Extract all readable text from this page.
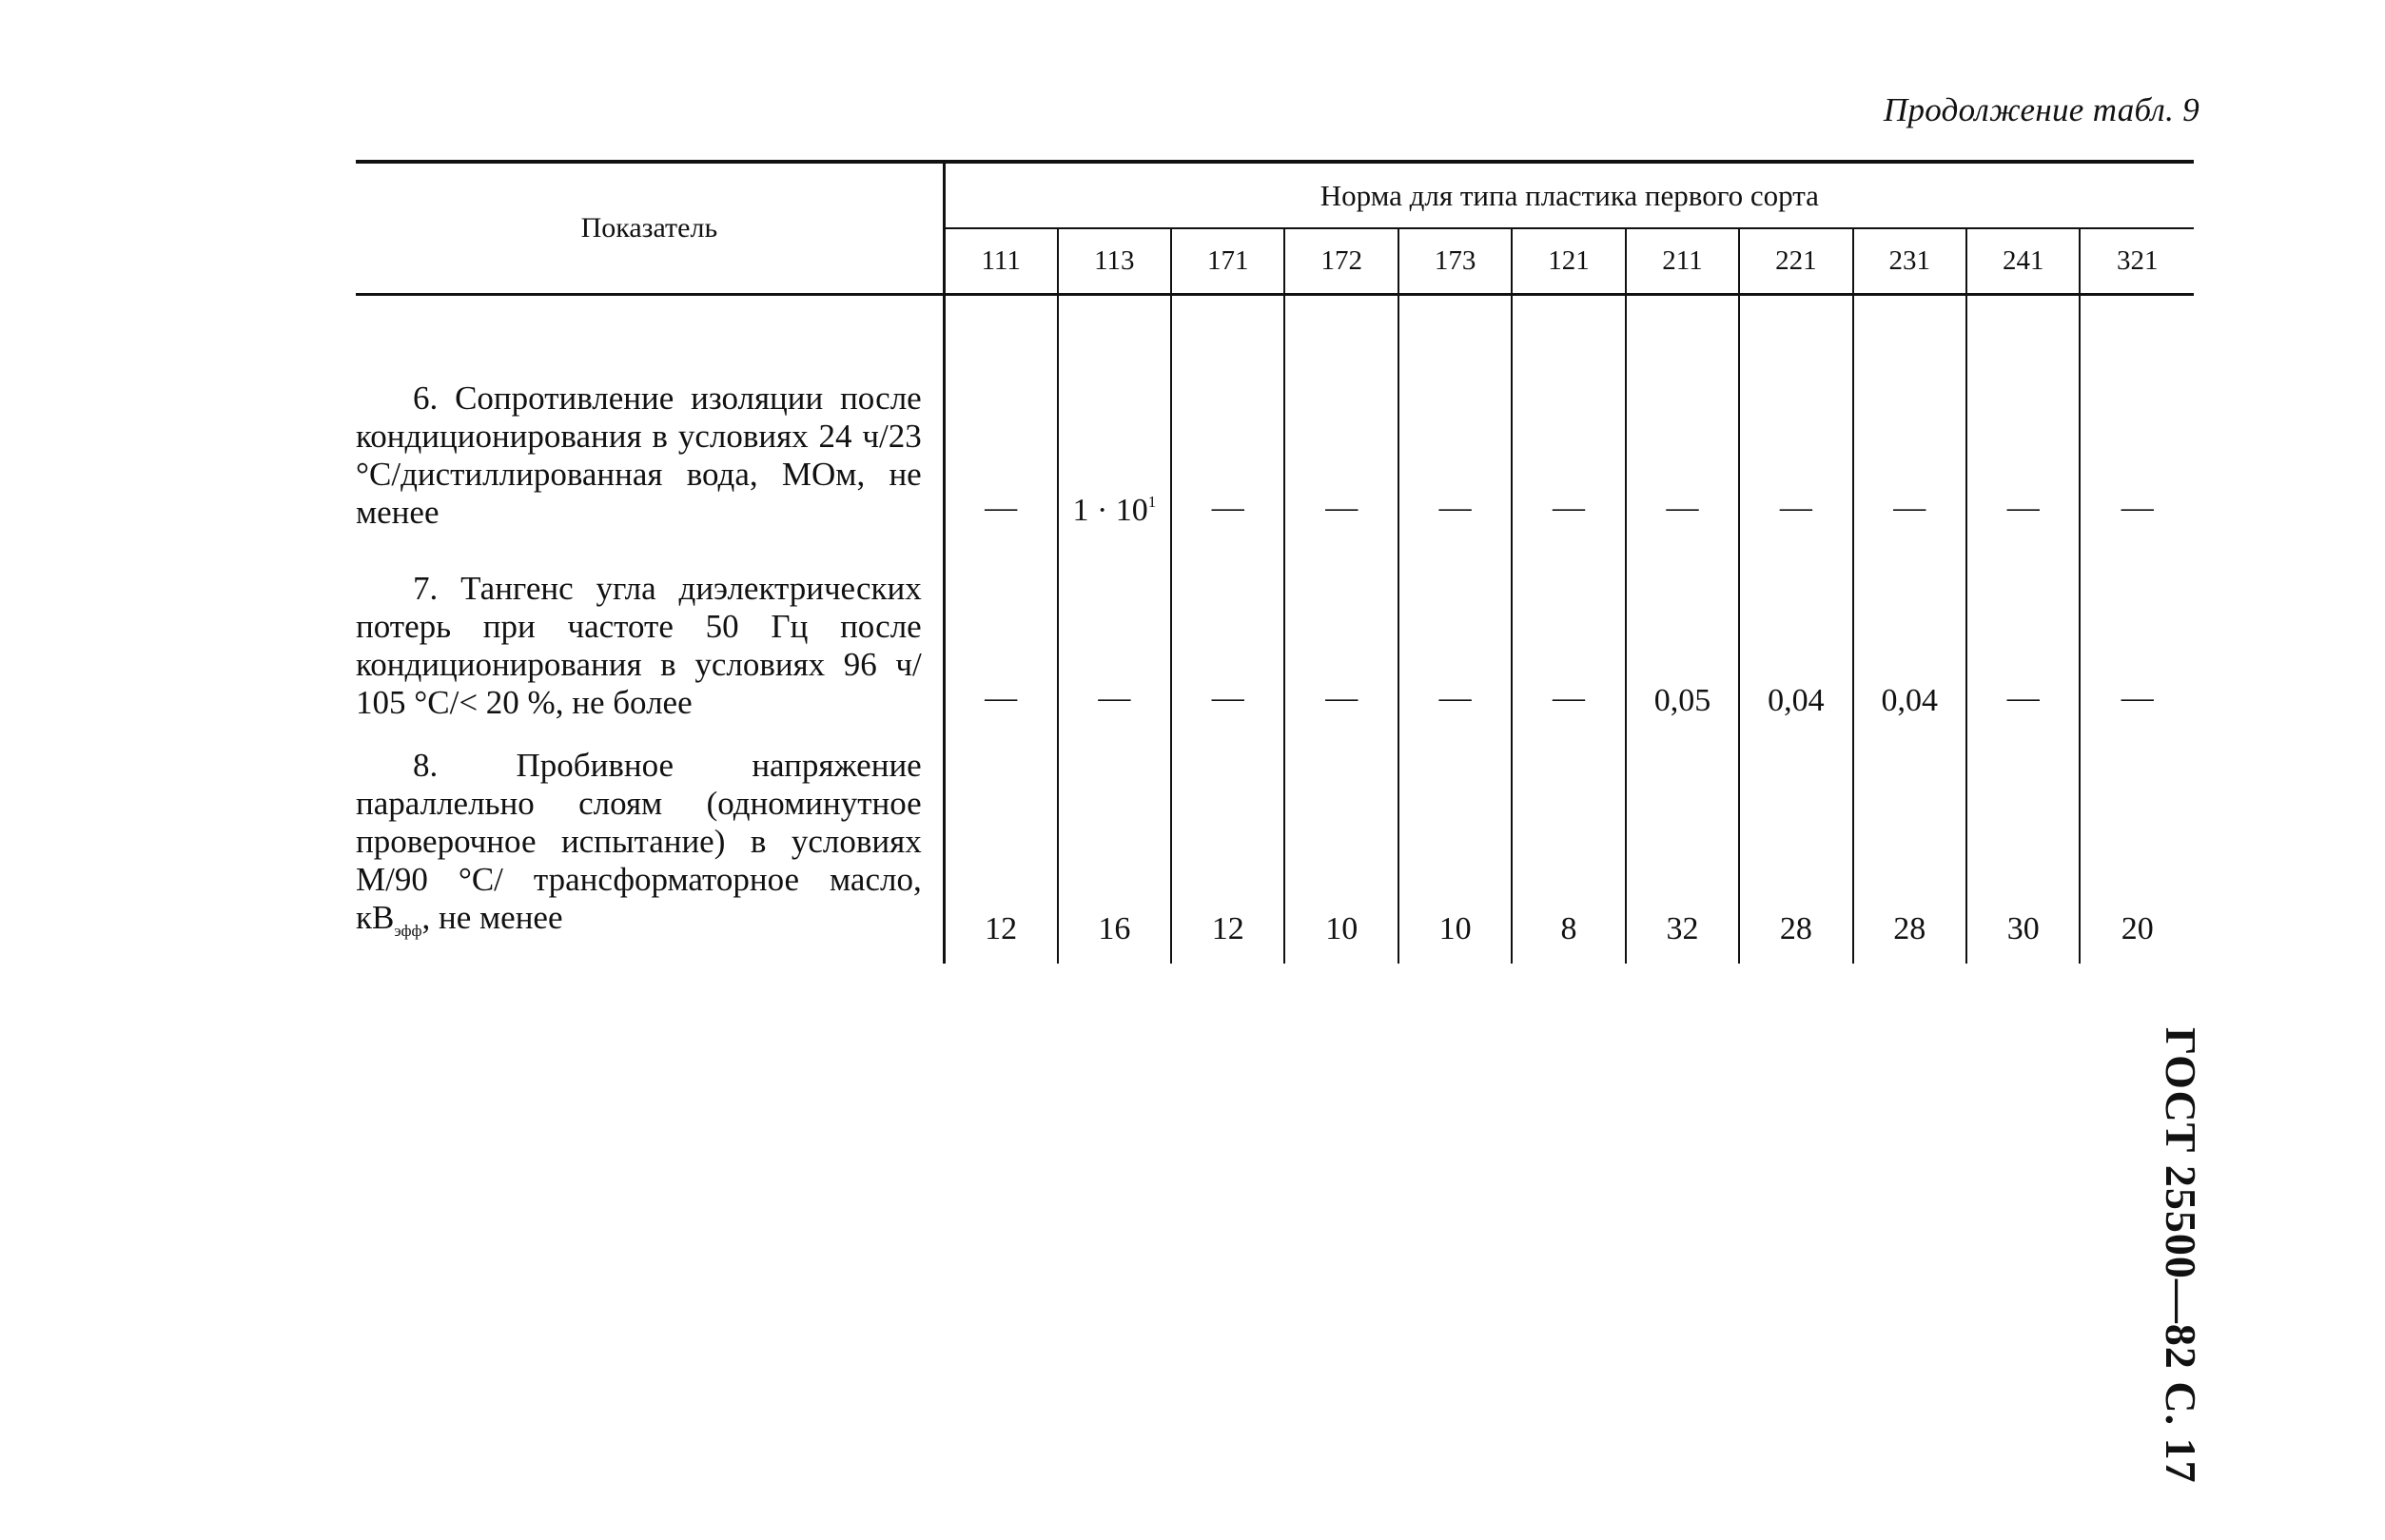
Продолжение табл. 9
ГОСТ 25500—82 С. 17
Показатель	Норма для типа пластика первого сорта										
	111	113	171	172	173	121	211	221	231	241	321

6. Сопротивление изоляции после кондиционирования в условиях 24 ч/23 °С/дистиллированная вода, МОм, не менее	—	$1 \cdot 10^1$	—	—	—	—	—	—	—	—	—

7. Тангенс угла диэлектрических потерь при частоте 50 Гц после кондиционирования в условиях 96 ч/ 105 °С/< 20 %, не более	—	—	—	—	—	—	0,05	0,04	0,04	—	—

8. Пробивное напряжение параллельно слоям (одноминутное проверочное испытание) в условиях М/90 °С/ трансформаторное масло, $кВ_{эфф}$, не менее	12	16	12	10	10	8	32	28	28	30	20
